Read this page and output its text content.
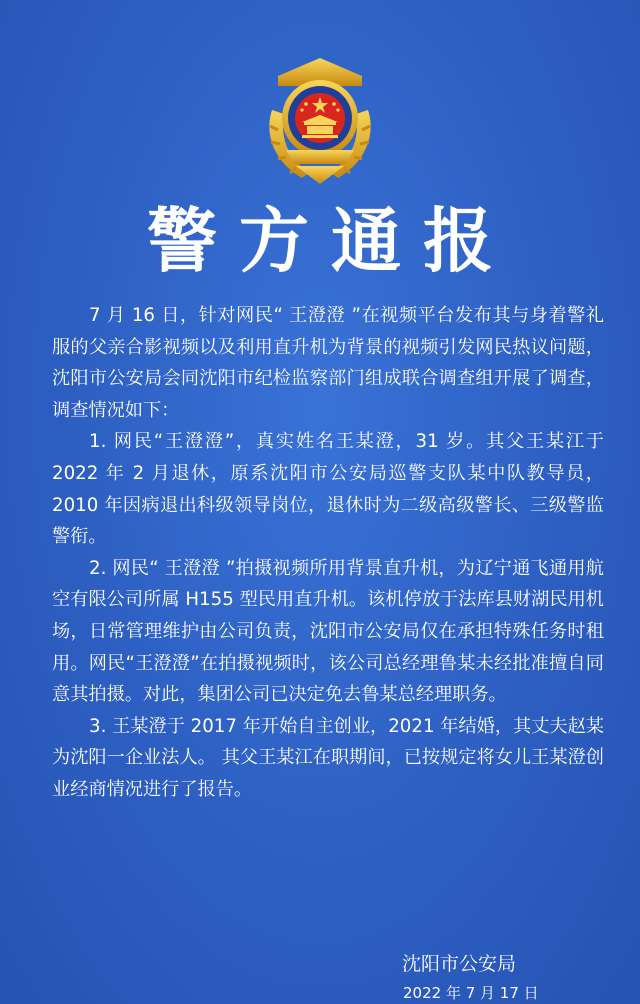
警方通报

7 月 16 日，针对网民“ 王澄澄 ”在视频平台发布其与身着警礼服的父亲合影视频以及利用直升机为背景的视频引发网民热议问题，沈阳市公安局会同沈阳市纪检监察部门组成联合调查组开展了调查，调查情况如下：

1. 网民“王澄澄”，真实姓名王某澄，31 岁。其父王某江于 2022 年 2 月退休，原系沈阳市公安局巡警支队某中队教导员，2010 年因病退出科级领导岗位，退休时为二级高级警长、三级警监警衔。

2. 网民“ 王澄澄 ”拍摄视频所用背景直升机，为辽宁通飞通用航空有限公司所属 H155 型民用直升机。该机停放于法库县财湖民用机场，日常管理维护由公司负责，沈阳市公安局仅在承担特殊任务时租用。网民“王澄澄”在拍摄视频时，该公司总经理鲁某未经批准擅自同意其拍摄。对此，集团公司已决定免去鲁某总经理职务。

3. 王某澄于 2017 年开始自主创业，2021 年结婚，其丈夫赵某为沈阳一企业法人。 其父王某江在职期间，已按规定将女儿王某澄创业经商情况进行了报告。

沈阳市公安局
2022 年 7 月 17 日
